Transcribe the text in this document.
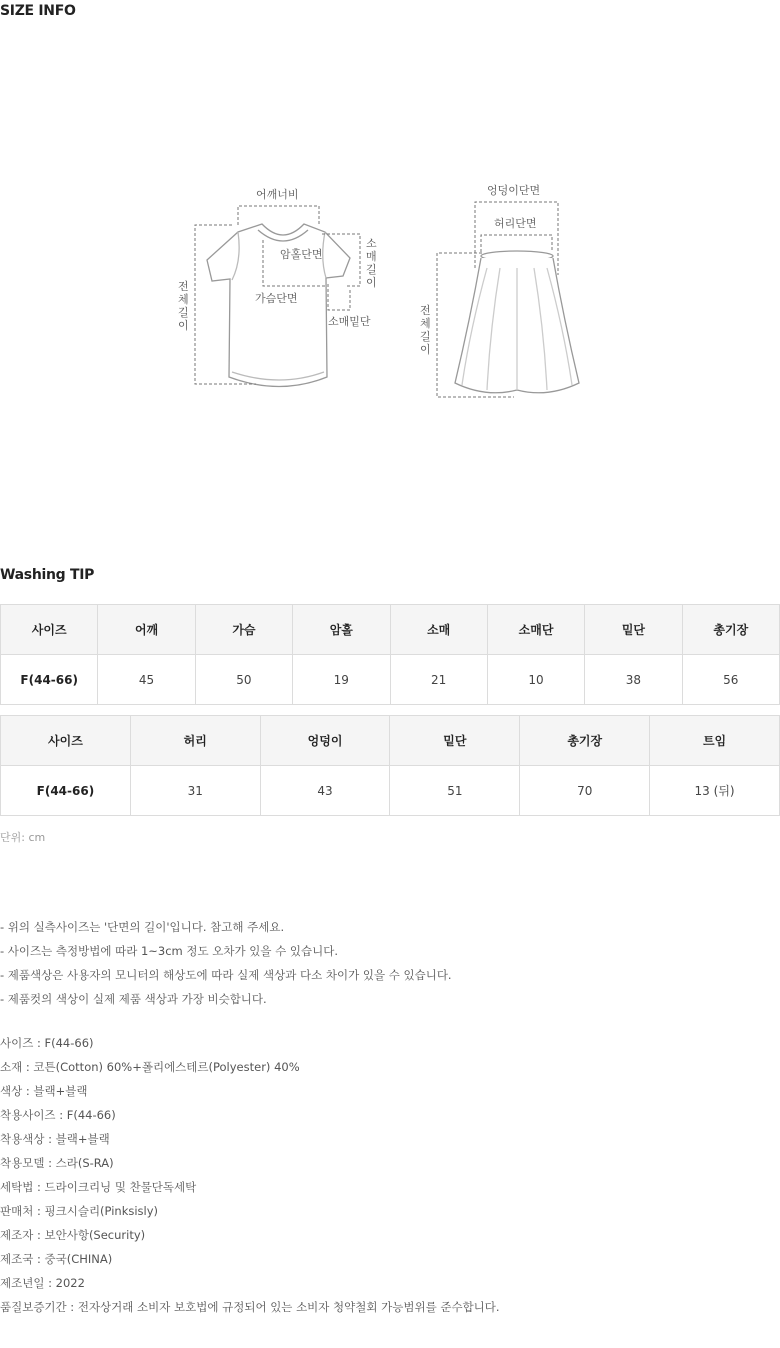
SIZE INFO
어깨너비
암홀단면
가슴단면
소매밑단
소
매
길
이
전
체
길
이
엉덩이단면
허리단면
전
체
길
이
Washing TIP
사이즈	어깨	가슴	암홀	소매	소매단	밑단	총기장
F(44-66)	45	50	19	21	10	38	56
사이즈	허리	엉덩이	밑단	총기장	트임
F(44-66)	31	43	51	70	13 (뒤)
단위: cm
- 위의 실측사이즈는 '단면의 길이'입니다. 참고해 주세요.
- 사이즈는 측정방법에 따라 1~3cm 정도 오차가 있을 수 있습니다.
- 제품색상은 사용자의 모니터의 해상도에 따라 실제 색상과 다소 차이가 있을 수 있습니다.
- 제품컷의 색상이 실제 제품 색상과 가장 비슷합니다.
사이즈 : F(44-66)
소재 : 코튼(Cotton) 60%+폴리에스테르(Polyester) 40%
색상 : 블랙+블랙
착용사이즈 : F(44-66)
착용색상 : 블랙+블랙
착용모델 : 스라(S-RA)
세탁법 : 드라이크리닝 및 찬물단독세탁
판매처 : 핑크시슬리(Pinksisly)
제조자 : 보안사항(Security)
제조국 : 중국(CHINA)
제조년일 : 2022
품질보증기간 : 전자상거래 소비자 보호법에 규정되어 있는 소비자 청약철회 가능범위를 준수합니다.
